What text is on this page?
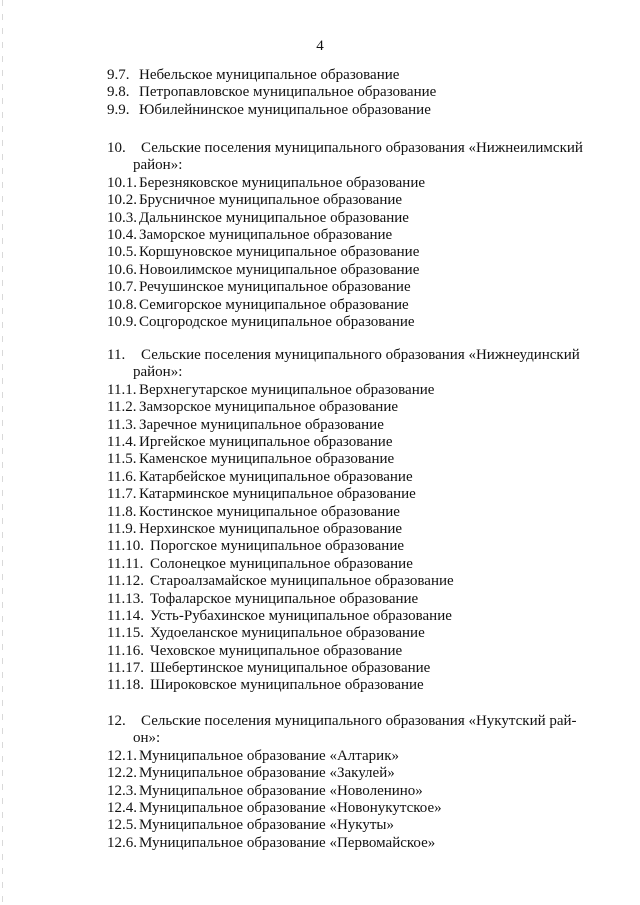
4
9.7. Небельское муниципальное образование
9.8. Петропавловское муниципальное образование
9.9. Юбилейнинское муниципальное образование
10. Сельские поселения муниципального образования «Нижнеилимский
район»:
10.1. Березняковское муниципальное образование
10.2. Брусничное муниципальное образование
10.3. Дальнинское муниципальное образование
10.4. Заморское муниципальное образование
10.5. Коршуновское муниципальное образование
10.6. Новоилимское муниципальное образование
10.7. Речушинское муниципальное образование
10.8. Семигорское муниципальное образование
10.9. Соцгородское муниципальное образование
11. Сельские поселения муниципального образования «Нижнеудинский
район»:
11.1. Верхнегутарское муниципальное образование
11.2. Замзорское муниципальное образование
11.3. Заречное муниципальное образование
11.4. Иргейское муниципальное образование
11.5. Каменское муниципальное образование
11.6. Катарбейское муниципальное образование
11.7. Катарминское муниципальное образование
11.8. Костинское муниципальное образование
11.9. Нерхинское муниципальное образование
11.10. Порогское муниципальное образование
11.11. Солонецкое муниципальное образование
11.12. Староалзамайское муниципальное образование
11.13. Тофаларское муниципальное образование
11.14. Усть-Рубахинское муниципальное образование
11.15. Худоеланское муниципальное образование
11.16. Чеховское муниципальное образование
11.17. Шебертинское муниципальное образование
11.18. Широковское муниципальное образование
12. Сельские поселения муниципального образования «Нукутский рай-
он»:
12.1. Муниципальное образование «Алтарик»
12.2. Муниципальное образование «Закулей»
12.3. Муниципальное образование «Новоленино»
12.4. Муниципальное образование «Новонукутское»
12.5. Муниципальное образование «Нукуты»
12.6. Муниципальное образование «Первомайское»
